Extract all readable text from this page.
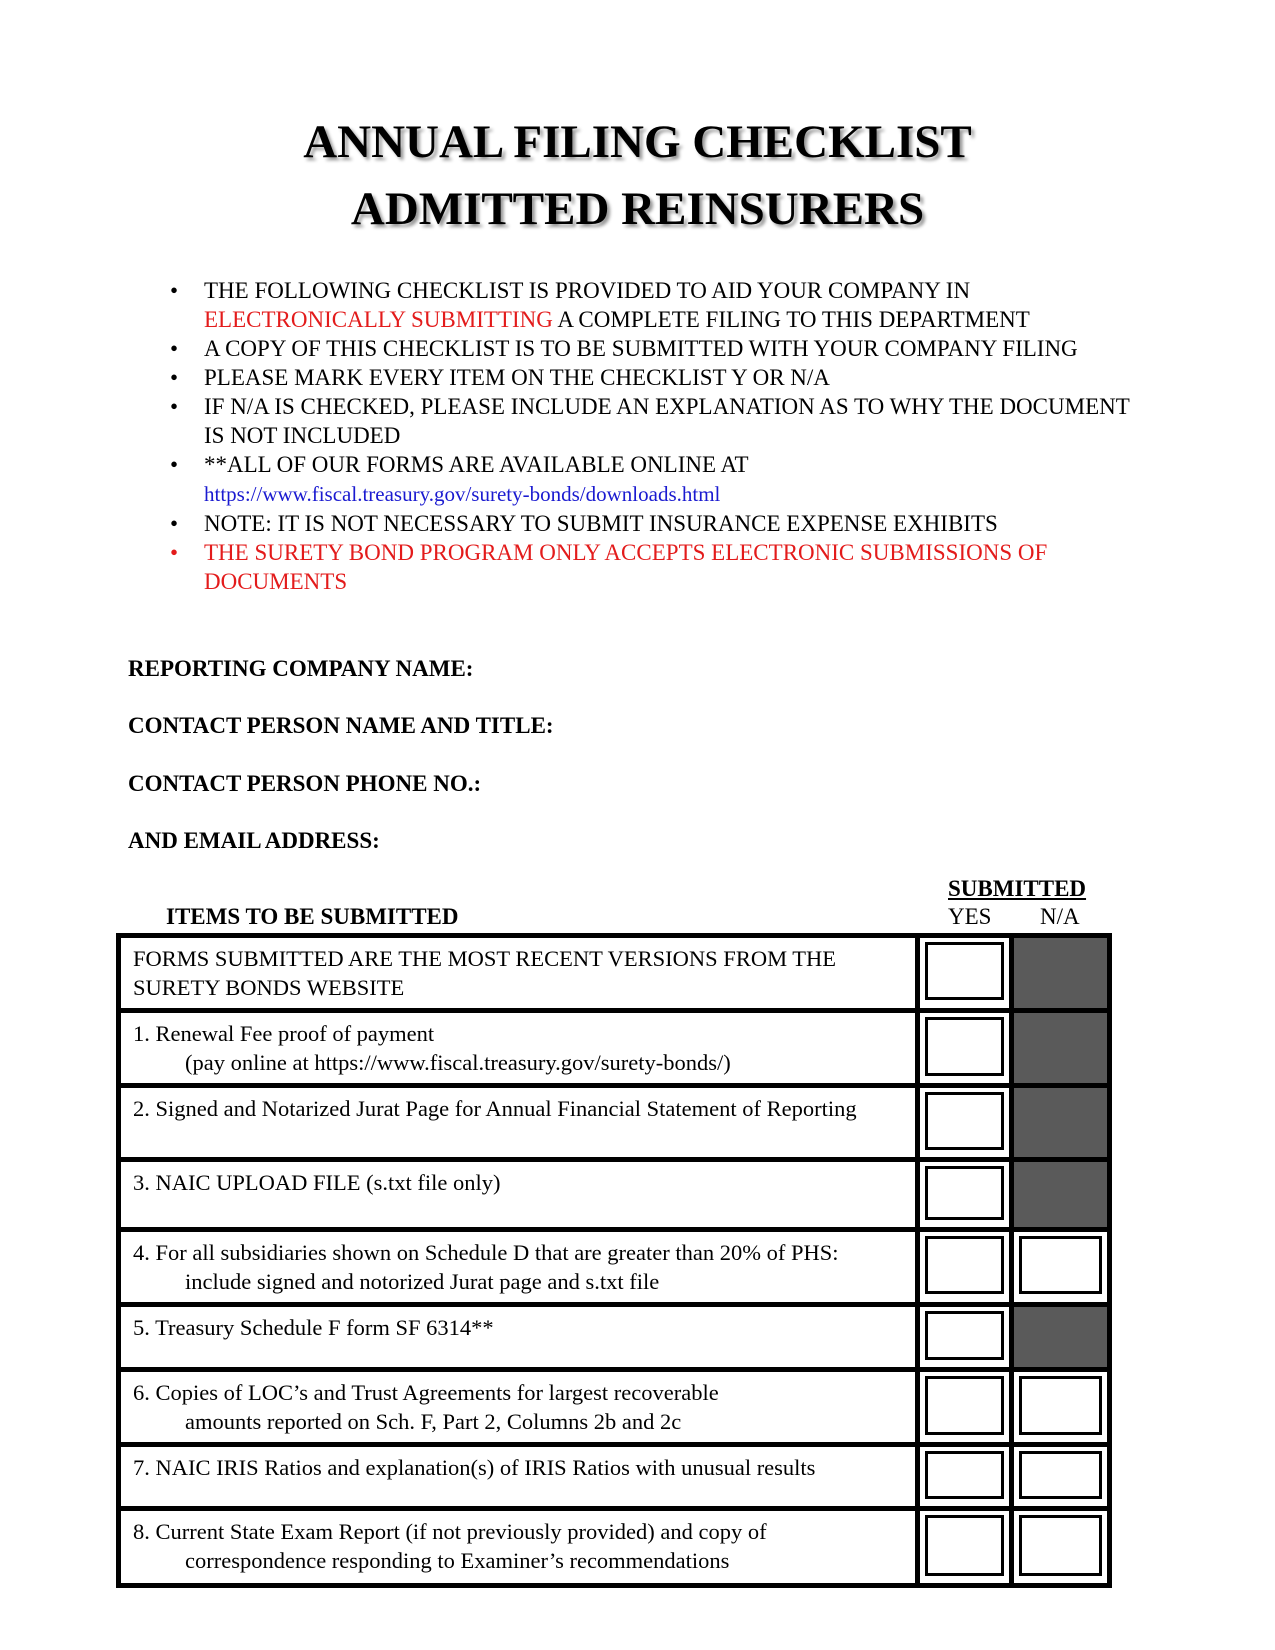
ANNUAL FILING CHECKLIST
ADMITTED REINSURERS
• THE FOLLOWING CHECKLIST IS PROVIDED TO AID YOUR COMPANY IN
ELECTRONICALLY SUBMITTING A COMPLETE FILING TO THIS DEPARTMENT
• A COPY OF THIS CHECKLIST IS TO BE SUBMITTED WITH YOUR COMPANY FILING
• PLEASE MARK EVERY ITEM ON THE CHECKLIST Y OR N/A
• IF N/A IS CHECKED, PLEASE INCLUDE AN EXPLANATION AS TO WHY THE DOCUMENT IS NOT INCLUDED
• **ALL OF OUR FORMS ARE AVAILABLE ONLINE AT
https://www.fiscal.treasury.gov/surety-bonds/downloads.html
• NOTE: IT IS NOT NECESSARY TO SUBMIT INSURANCE EXPENSE EXHIBITS
• THE SURETY BOND PROGRAM ONLY ACCEPTS ELECTRONIC SUBMISSIONS OF DOCUMENTS
REPORTING COMPANY NAME:
CONTACT PERSON NAME AND TITLE:
CONTACT PERSON PHONE NO.:
AND EMAIL ADDRESS:
ITEMS TO BE SUBMITTED
SUBMITTED
YES N/A
FORMS SUBMITTED ARE THE MOST RECENT VERSIONS FROM THE
SURETY BONDS WEBSITE		

1. Renewal Fee proof of payment
(pay online at https://www.fiscal.treasury.gov/surety-bonds/)		

2. Signed and Notarized Jurat Page for Annual Financial Statement of Reporting		

3. NAIC UPLOAD FILE (s.txt file only)		

4. For all subsidiaries shown on Schedule D that are greater than 20% of PHS:
include signed and notorized Jurat page and s.txt file		

5. Treasury Schedule F form SF 6314**		

6. Copies of LOC’s and Trust Agreements for largest recoverable
amounts reported on Sch. F, Part 2, Columns 2b and 2c		

7. NAIC IRIS Ratios and explanation(s) of IRIS Ratios with unusual results		

8. Current State Exam Report (if not previously provided) and copy of
correspondence responding to Examiner’s recommendations		
